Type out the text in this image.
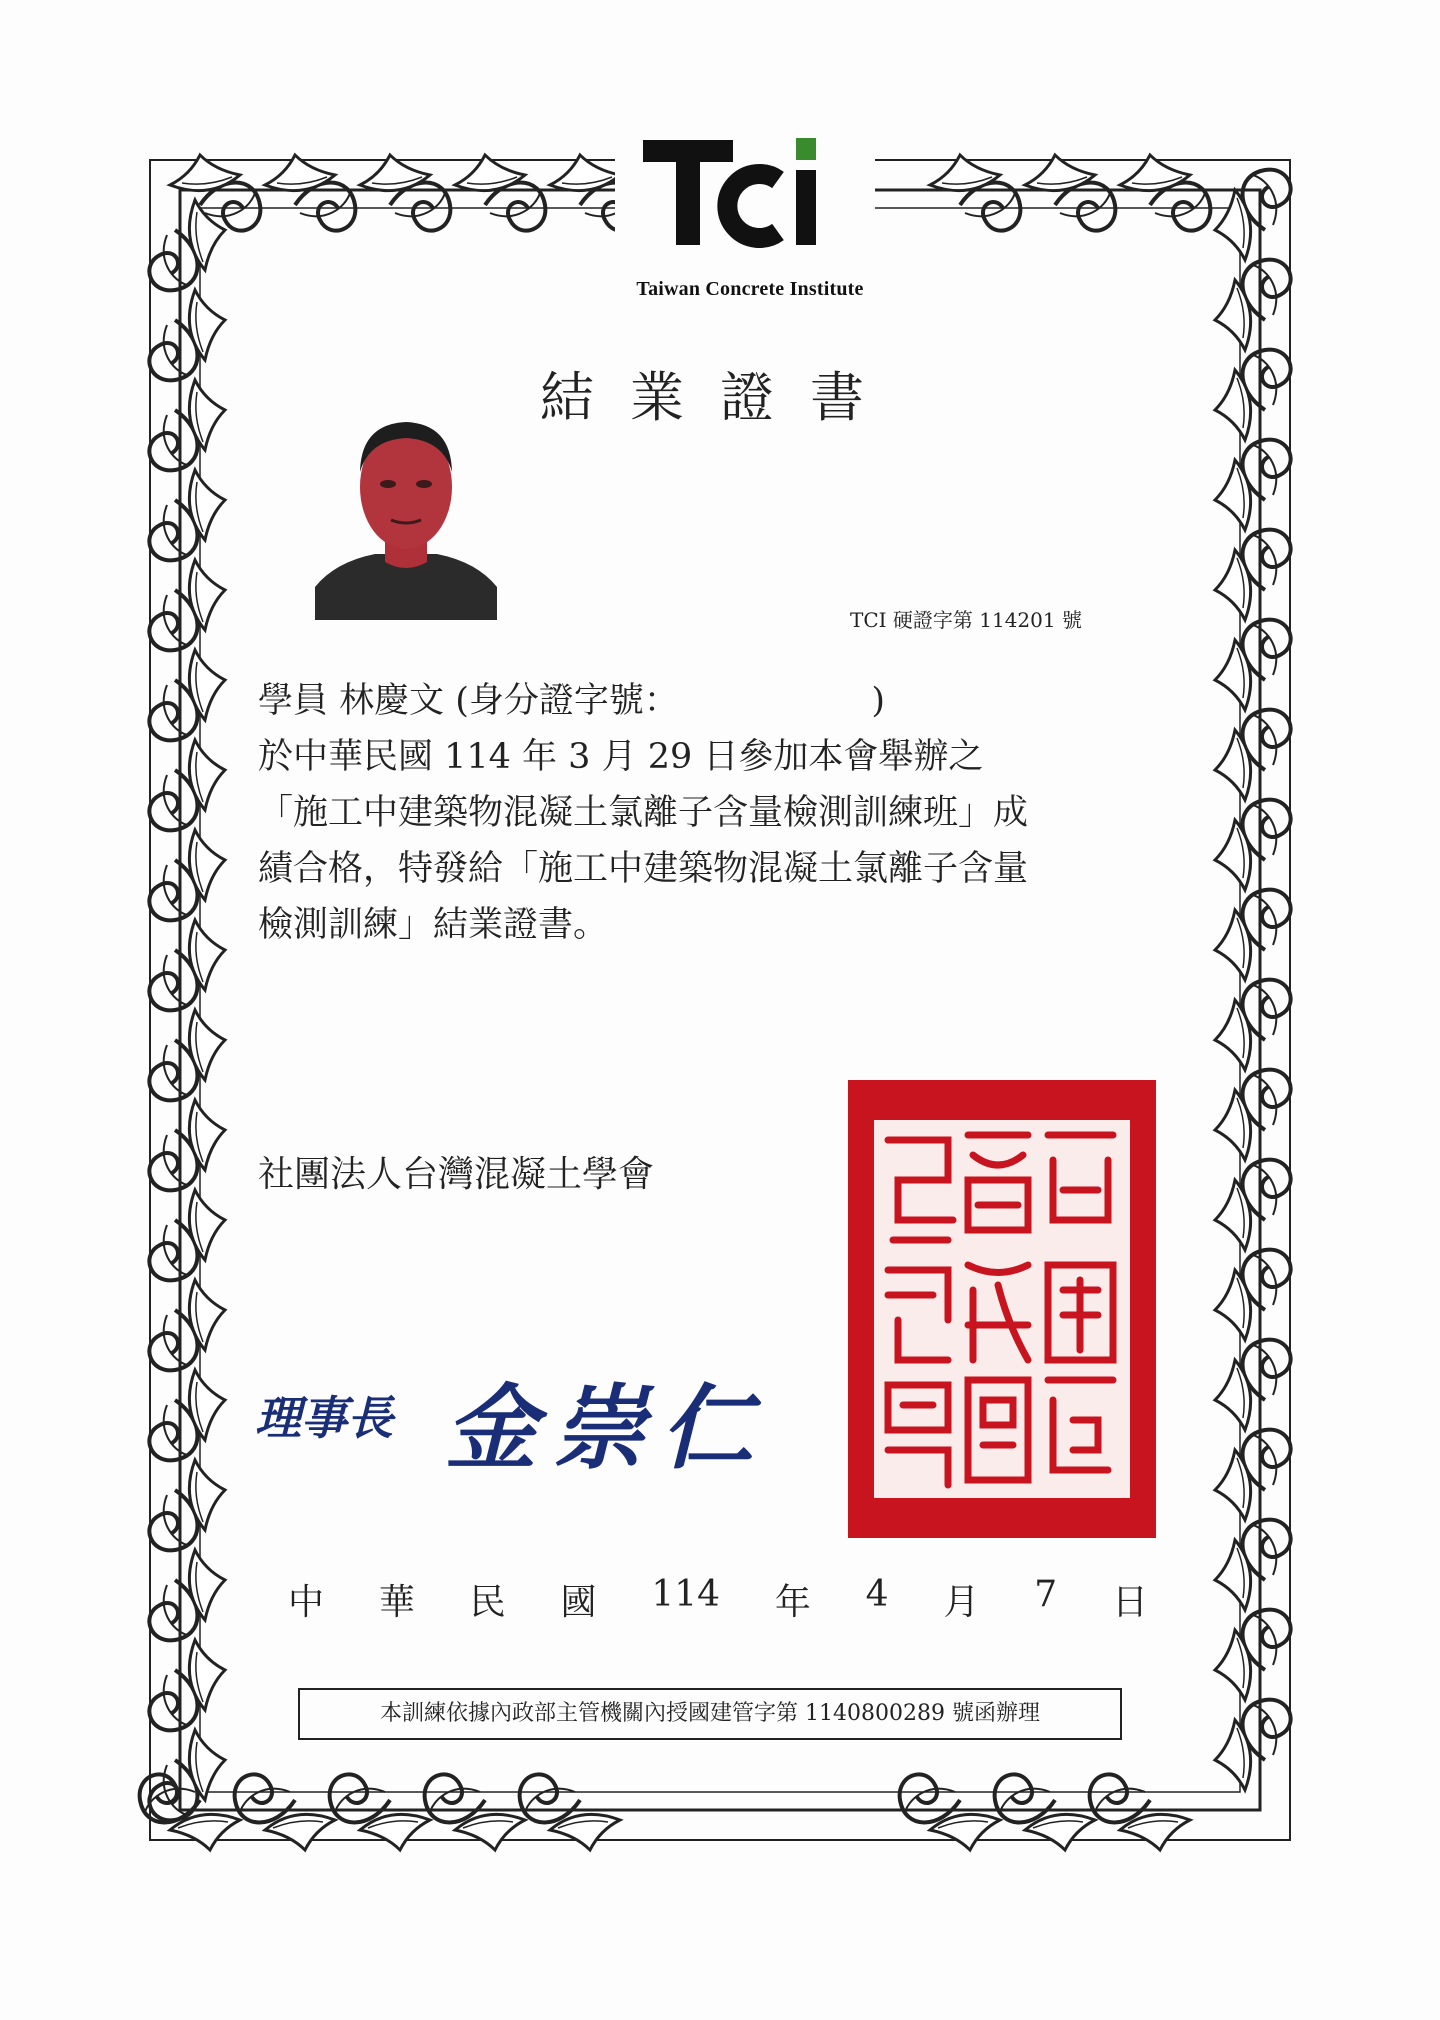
Taiwan Concrete Institute
結業證書
TCI 硬證字第 114201 號
學員 林慶文 (身分證字號：　　　　　　)
於中華民國 114 年 3 月 29 日參加本會舉辦之
「施工中建築物混凝土氯離子含量檢測訓練班」成
績合格，特發給「施工中建築物混凝土氯離子含量
檢測訓練」結業證書。
社團法人台灣混凝土學會
理事長 金崇仁
中 華 民 國 114 年 4 月 7 日
本訓練依據內政部主管機關內授國建管字第 1140800289 號函辦理
